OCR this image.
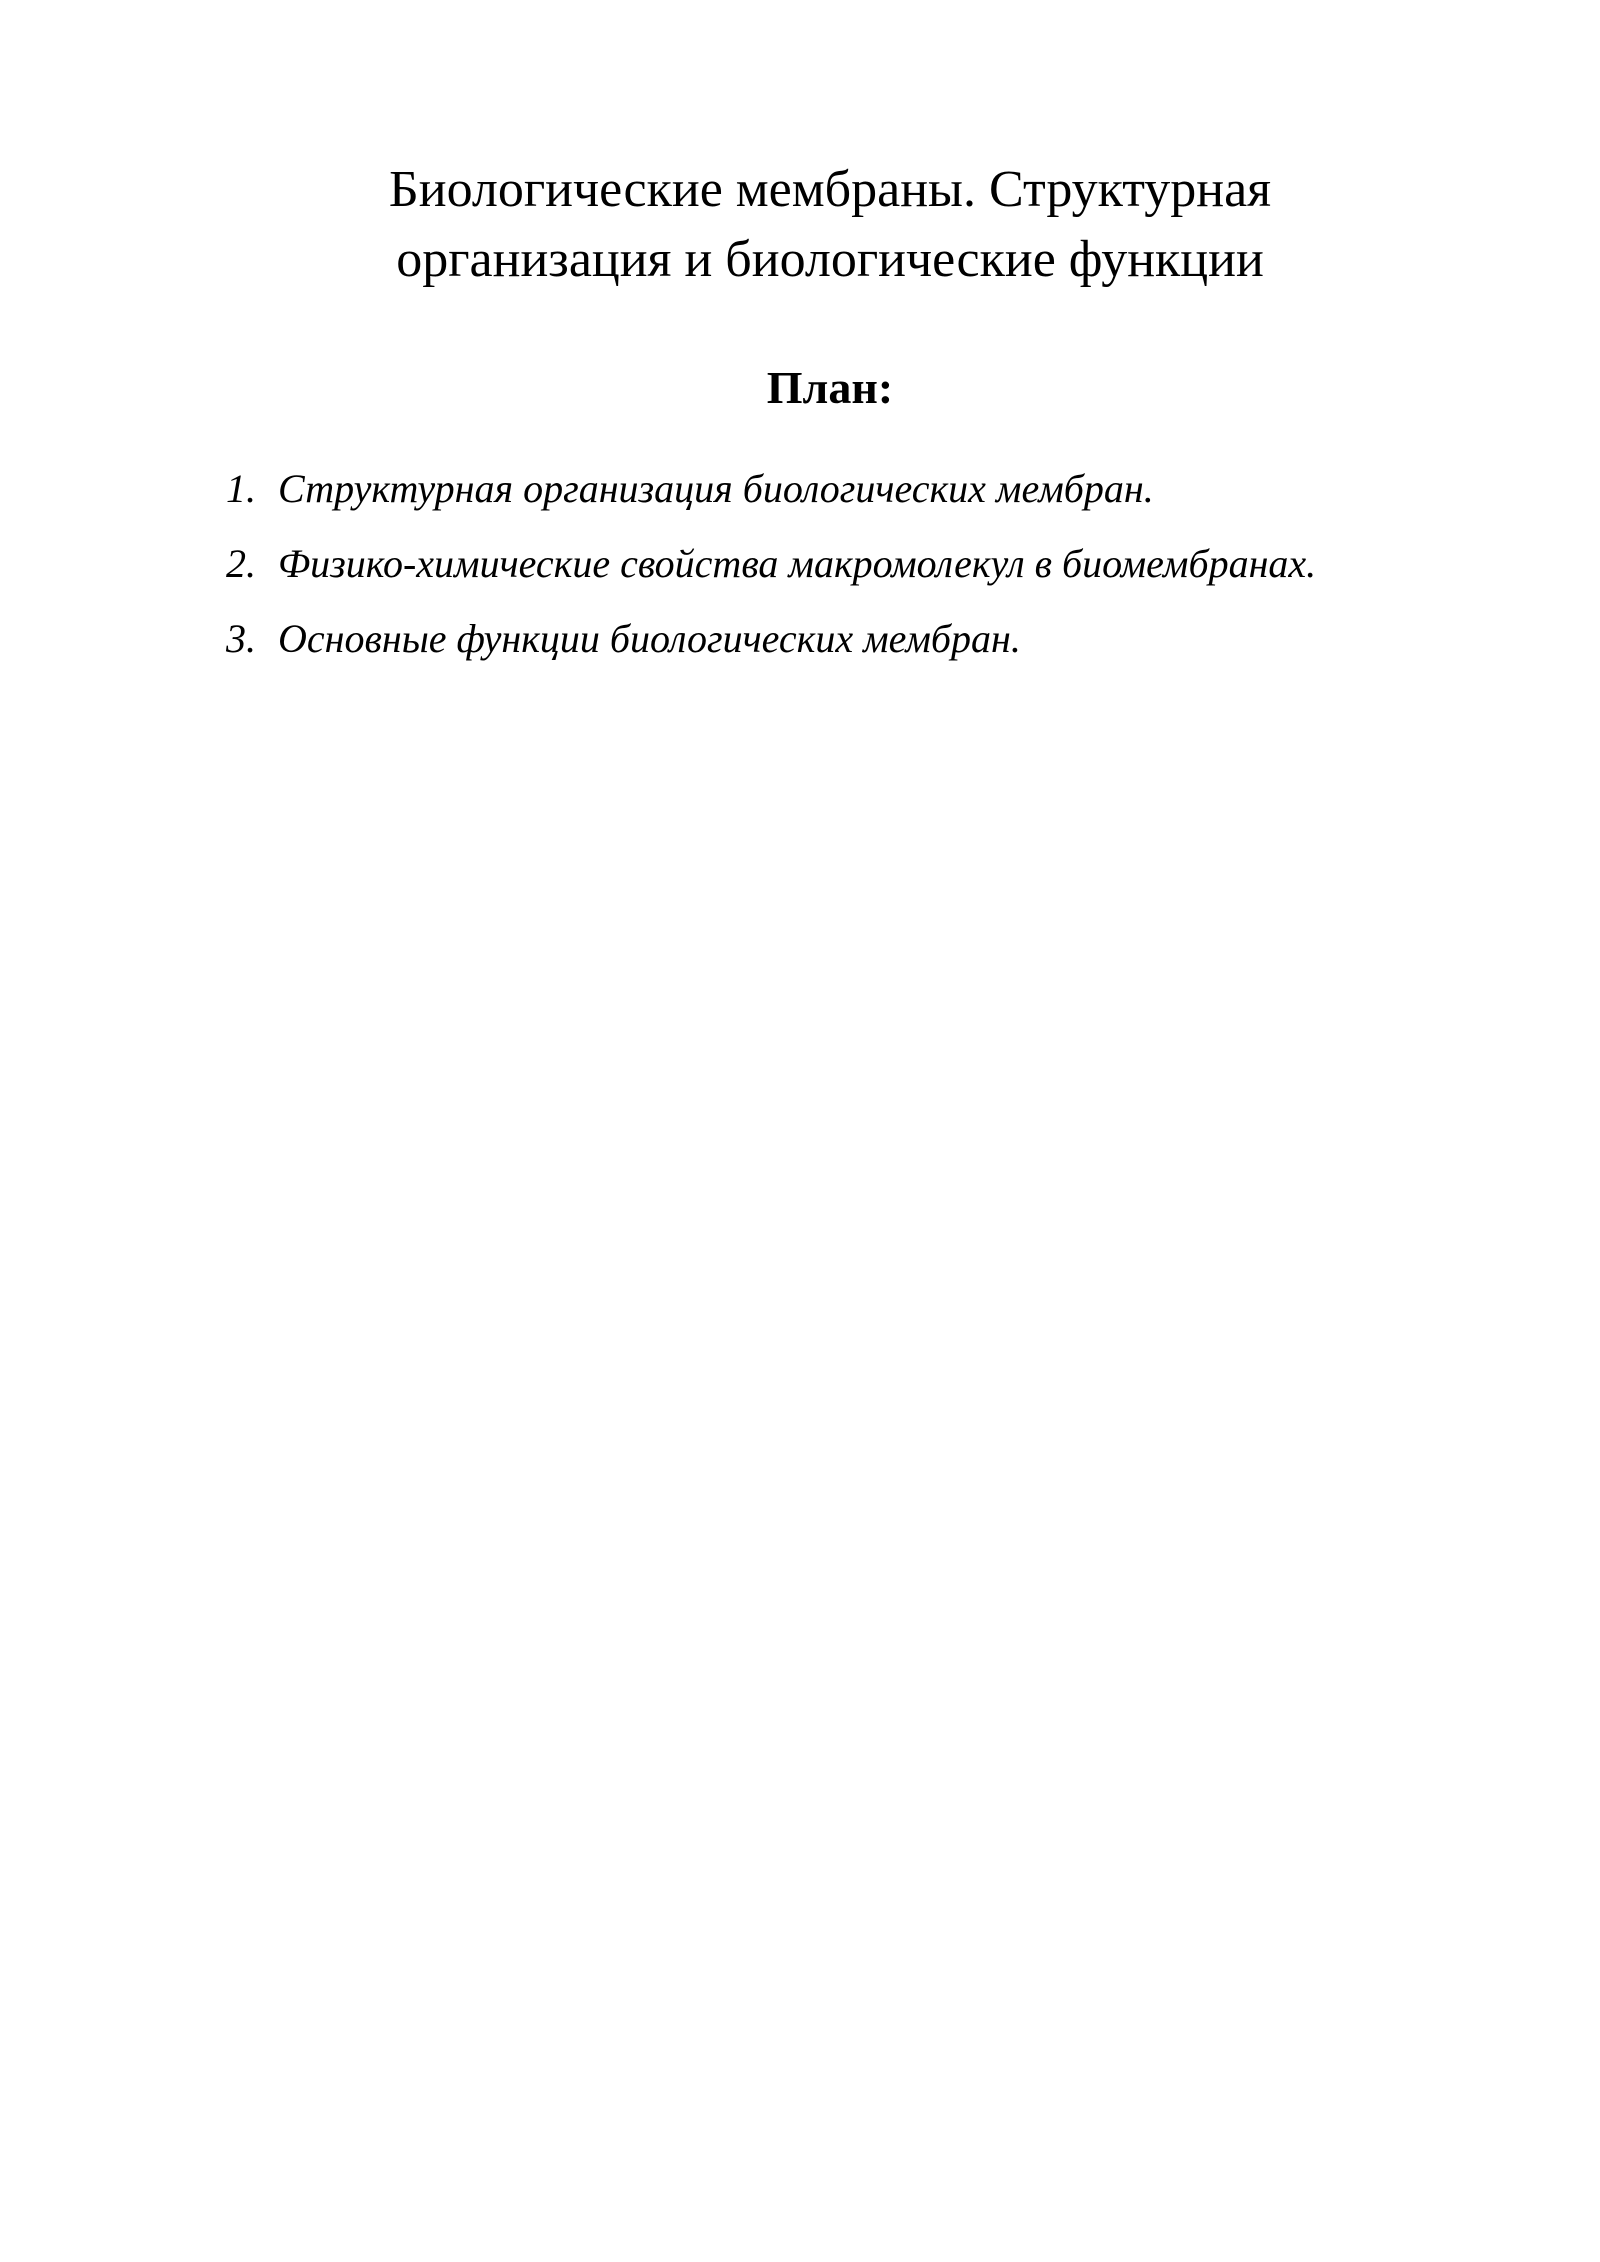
Биологические мембраны. Структурная
организация и биологические функции
План:
1. Структурная организация биологических мембран.
2. Физико-химические свойства макромолекул в биомембранах.
3. Основные функции биологических мембран.
